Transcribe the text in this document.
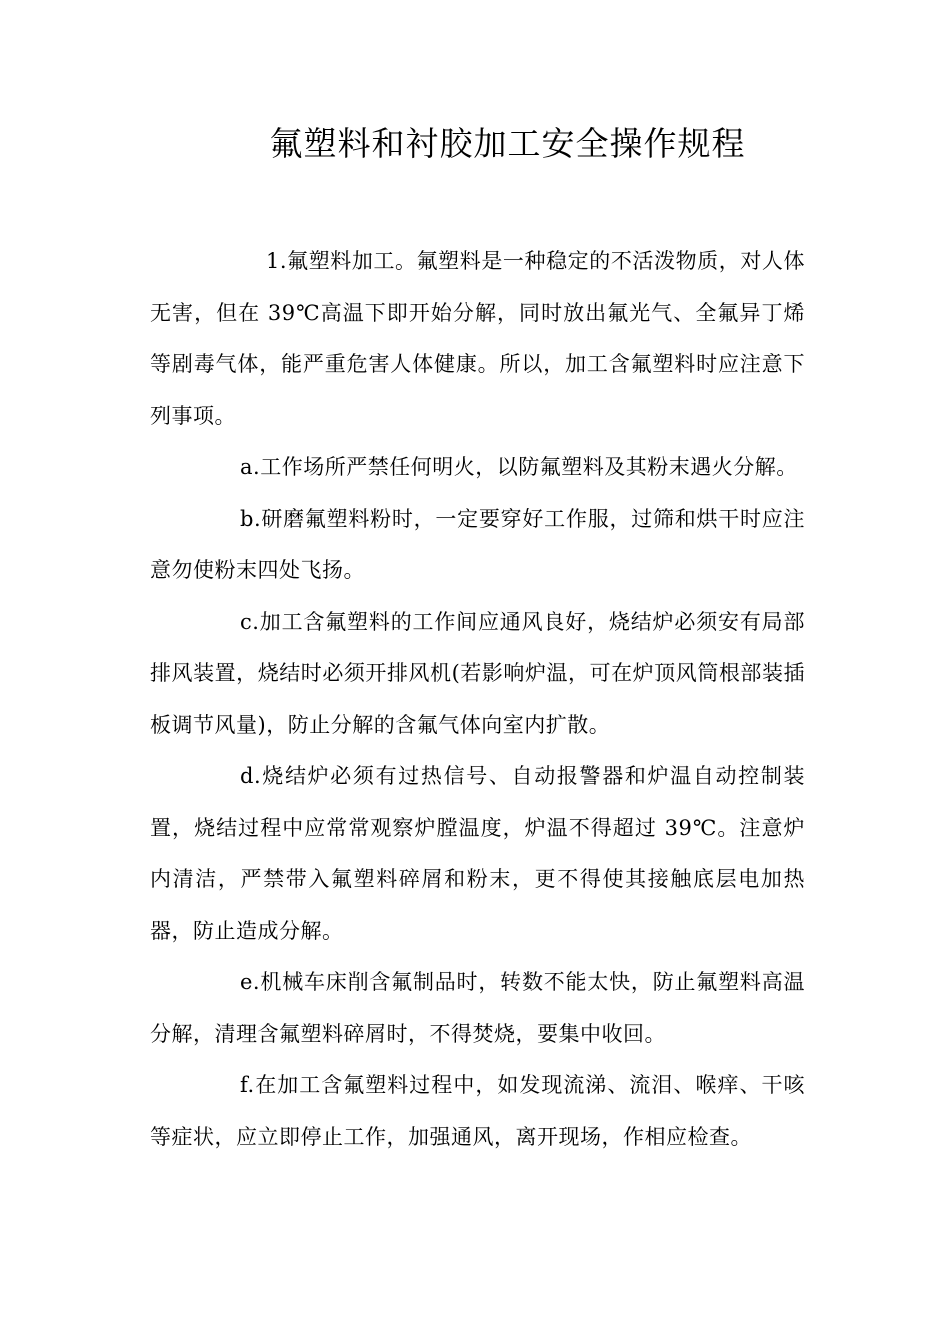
氟塑料和衬胶加工安全操作规程

1.氟塑料加工。氟塑料是一种稳定的不活泼物质，对人体无害，但在 39℃高温下即开始分解，同时放出氟光气、全氟异丁烯等剧毒气体，能严重危害人体健康。所以，加工含氟塑料时应注意下列事项。

a.工作场所严禁任何明火，以防氟塑料及其粉末遇火分解。

b.研磨氟塑料粉时，一定要穿好工作服，过筛和烘干时应注意勿使粉末四处飞扬。

c.加工含氟塑料的工作间应通风良好，烧结炉必须安有局部排风装置，烧结时必须开排风机(若影响炉温，可在炉顶风筒根部装插板调节风量)，防止分解的含氟气体向室内扩散。

d.烧结炉必须有过热信号、自动报警器和炉温自动控制装置，烧结过程中应常常观察炉膛温度，炉温不得超过 39℃。注意炉内清洁，严禁带入氟塑料碎屑和粉末，更不得使其接触底层电加热器，防止造成分解。

e.机械车床削含氟制品时，转数不能太快，防止氟塑料高温分解，清理含氟塑料碎屑时，不得焚烧，要集中收回。

f.在加工含氟塑料过程中，如发现流涕、流泪、喉痒、干咳等症状，应立即停止工作，加强通风，离开现场，作相应检查。
